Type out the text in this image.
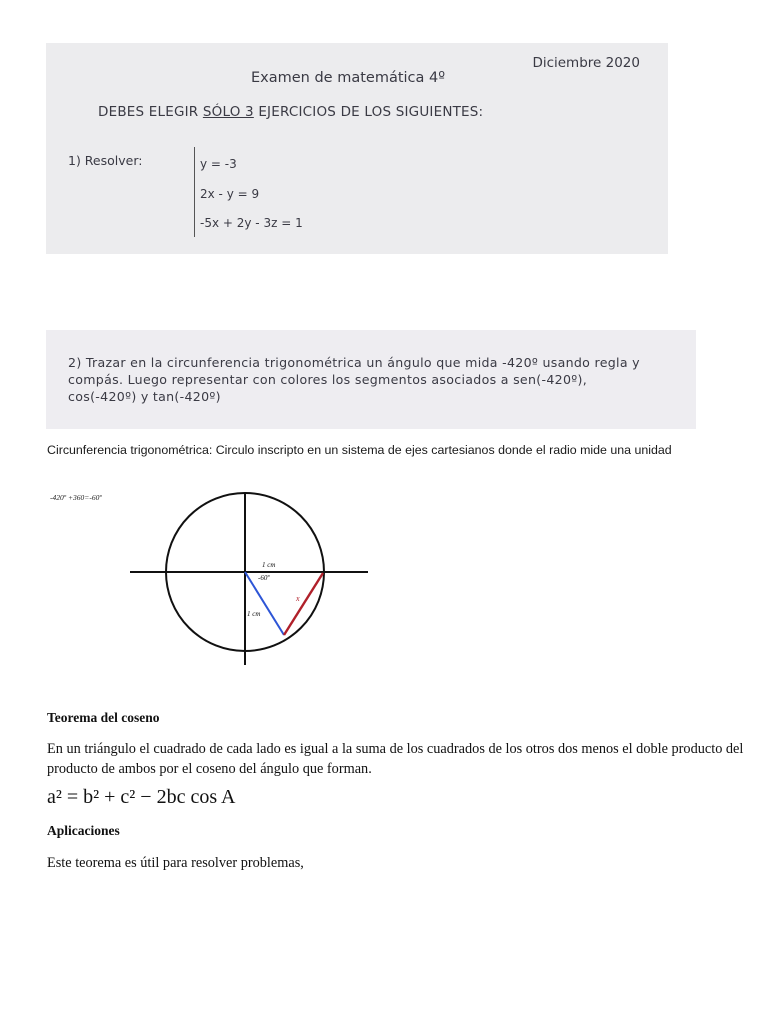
Diciembre 2020
Examen de matemática 4º
DEBES ELEGIR SÓLO 3 EJERCICIOS DE LOS SIGUIENTES:
1) Resolver:	y = -3
2x - y = 9
-5x + 2y - 3z = 1

2) Trazar en la circunferencia trigonométrica un ángulo que mida -420º usando regla y

compás. Luego representar con colores los segmentos asociados a sen(-420º),

cos(-420º) y tan(-420º)

Circunferencia trigonométrica: Circulo inscripto en un sistema de ejes cartesianos donde el radio mide una unidad
-420º +360=-60º
1 cm
-60º
1 cm
x
Teorema del coseno
En un triángulo el cuadrado de cada lado es igual a la suma de los cuadrados de los otros dos menos el doble producto del producto de ambos por el coseno del ángulo que forman.
a² = b² + c² − 2bc cos A
Aplicaciones
Este teorema es útil para resolver problemas,
